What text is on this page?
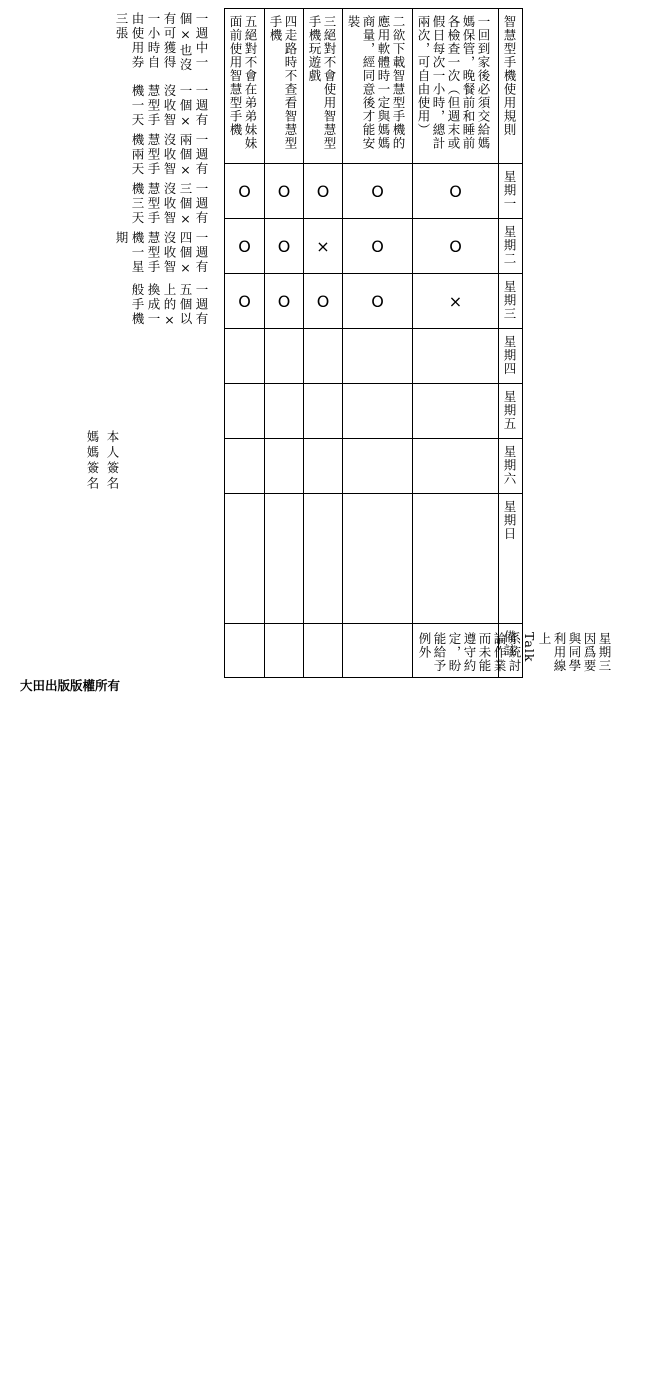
五絕對不會在弟弟妹妹面前使用智慧型手機	四走路時不查看智慧型手機	三絕對不會使用智慧型手機玩遊戲	二欲下載智慧型手機的應用軟體時一定與媽媽商量，經同意後才能安裝	一回到家後必須交給媽媽保管，晚餐前和睡前各檢查一次（但週末或假日每次一小時，總計兩次，可自由使用）	智慧型手機使用規則

O	O	O	O	O	星期一

O	O	×	O	O	星期二

O	O	O	O	×	星期三

					星期四

					星期五

					星期六

					星期日

				星期三因爲要與同學利用線上Talk系統討論作業而未能遵守約定，盼能給予例外	備註
一週中一個×也沒有可獲得一小時自由使用券三張
一週有一個×沒收智慧型手機一天
一週有兩個×沒收智慧型手機兩天
一週有三個×沒收智慧型手機三天
一週有四個×沒收智慧型手機一星期
一週有五個以上的×換成一般手機
本人簽名
媽媽簽名
大田出版版權所有
